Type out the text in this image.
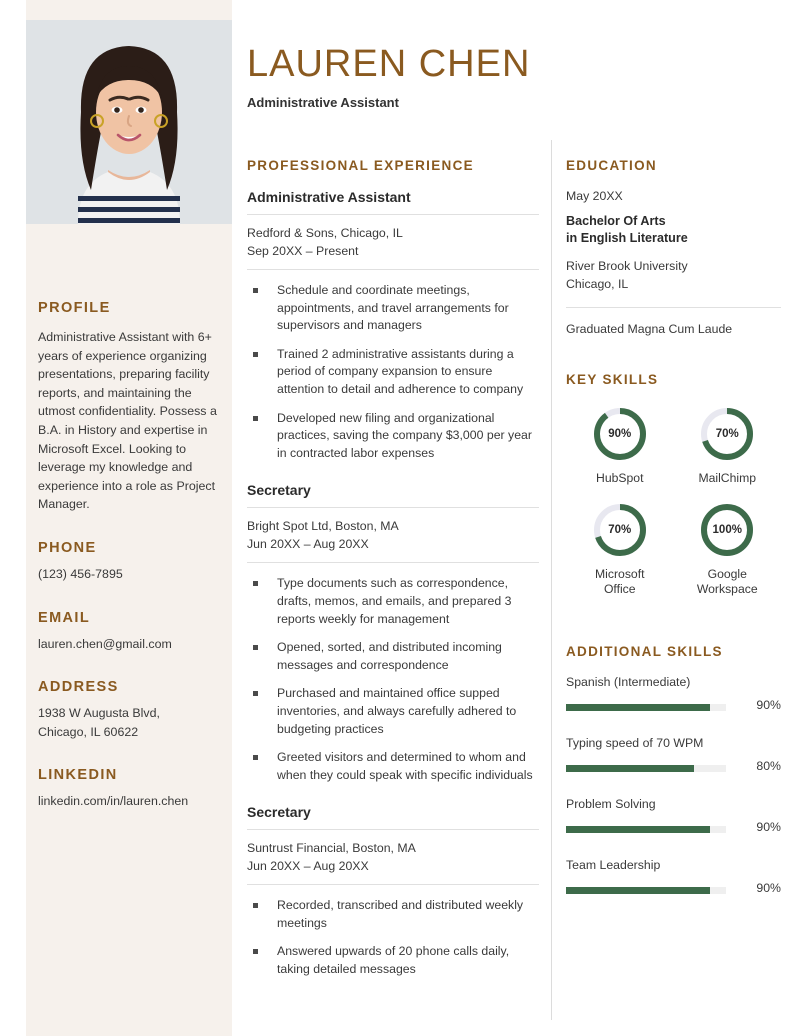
LAUREN CHEN
Administrative Assistant
PROFILE

Administrative Assistant with 6+ years of experience organizing presentations, preparing facility reports, and maintaining the utmost confidentiality. Possess a B.A. in History and expertise in Microsoft Excel. Looking to leverage my knowledge and experience into a role as Project Manager.

PHONE

(123) 456-7895

EMAIL

lauren.chen@gmail.com

ADDRESS

1938 W Augusta Blvd,
Chicago, IL 60622

LINKEDIN

linkedin.com/in/lauren.chen

PROFESSIONAL EXPERIENCE
Administrative Assistant

Redford & Sons, Chicago, IL
Sep 20XX – Present

Schedule and coordinate meetings, appointments, and travel arrangements for supervisors and managers
Trained 2 administrative assistants during a period of company expansion to ensure attention to detail and adherence to company
Developed new filing and organizational practices, saving the company $3,000 per year in contracted labor expenses
Secretary

Bright Spot Ltd, Boston, MA
Jun 20XX – Aug 20XX

Type documents such as correspondence, drafts, memos, and emails, and prepared 3 reports weekly for management
Opened, sorted, and distributed incoming messages and correspondence
Purchased and maintained office supped inventories, and always carefully adhered to budgeting practices
Greeted visitors and determined to whom and when they could speak with specific individuals
Secretary

Suntrust Financial, Boston, MA
Jun 20XX – Aug 20XX

Recorded, transcribed and distributed weekly meetings
Answered upwards of 20 phone calls daily, taking detailed messages
EDUCATION

May 20XX

Bachelor Of Arts
in English Literature

River Brook University
Chicago, IL

Graduated Magna Cum Laude

KEY SKILLS
90%
HubSpot
70%
MailChimp
70%
Microsoft
Office
100%
Google
Workspace
ADDITIONAL SKILLS

Spanish (Intermediate)

90%

Typing speed of 70 WPM

80%

Problem Solving

90%

Team Leadership

90%
